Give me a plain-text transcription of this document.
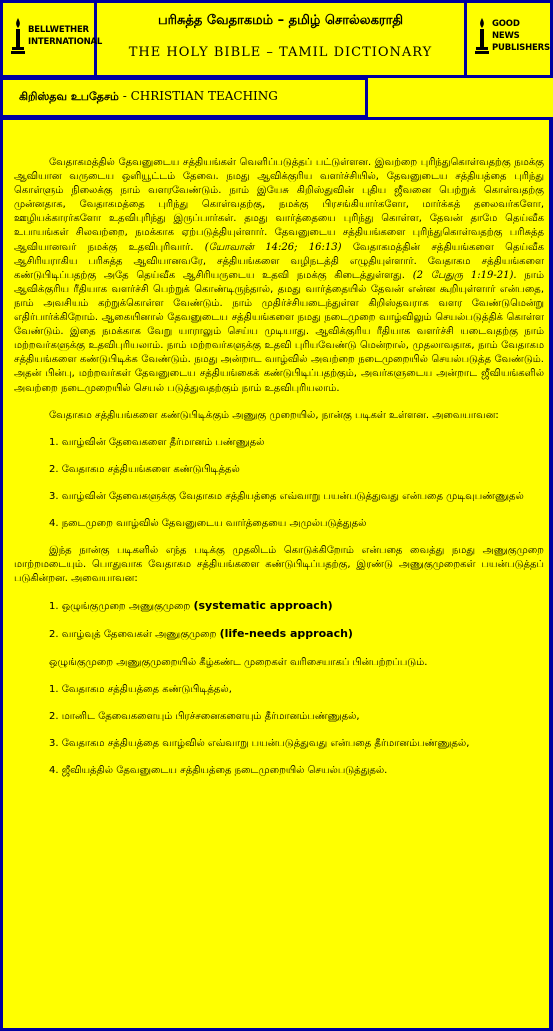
BELLWETHER
INTERNATIONAL
பரிசுத்த வேதாகமம் – தமிழ் சொல்லகராதி
THE HOLY BIBLE – TAMIL DICTIONARY
GOOD NEWS
PUBLISHERS
கிறிஸ்தவ உபதேசம் - CHRISTIAN TEACHING

வேதாகமத்தில் தேவனுடைய சத்தியங்கள் வெளிப்படுத்தப் பட்டுள்ளன. இவற்றை புரிந்துகொள்வதற்கு நமக்கு ஆவியான வருடைய ஒளியூட்டம் தேவை. நமது ஆவிக்குரிய வளர்ச்சியில், தேவனுடைய சத்தியத்தை புரிந்து கொள்ளும் நிலைக்கு நாம் வளரவேண்டும். நாம் இயேசு கிறிஸ்துவின் புதிய ஜீவனை பெற்றுக் கொள்வதற்கு முன்னதாக, வேதாகமத்தை புரிந்து கொள்வதற்கு, நமக்கு பிரசங்கியார்களோ, மார்க்கத் தலைவர்களோ, ஊழியக்காரர்களோ உதவிபுரிந்து இருப்பார்கள். தமது வார்த்தையை புரிந்து கொள்ள, தேவன் தாமே தெய்வீக உபாயங்கள் சிலவற்றை, நமக்காக ஏற்படுத்தியுள்ளார். தேவனுடைய சத்தியங்களை புரிந்துகொள்வதற்கு பரிசுத்த ஆவியானவர் நமக்கு உதவிபுரிவார். (யோவான் 14:26; 16:13) வேதாகமத்தின் சத்தியங்களை தெய்வீக ஆசிரியராகிய பரிசுத்த ஆவியானவரே, சத்தியங்களை வழிநடத்தி எழுதியுள்ளார். வேதாகம சத்தியங்களை கண்டுபிடிப்பதற்கு அதே தெய்வீக ஆசிரியருடைய உதவி நமக்கு கிடைத்துள்ளது. (2 பேதுரு 1:19-21). நாம் ஆவிக்குரிய ரீதியாக வளர்ச்சி பெற்றுக் கொண்டிருந்தால், தமது வார்த்தையில் தேவன் என்ன கூறியுள்ளார் என்பதை, நாம் அவசியம் கற்றுக்கொள்ள வேண்டும். நாம் முதிர்ச்சியடைந்துள்ள கிறிஸ்தவராக வளர வேண்டுமென்று எதிர்பார்க்கிறோம். ஆகையினால் தேவனுடைய சத்தியங்களை நமது நடைமுறை வாழ்விலும் செயல்படுத்திக் கொள்ள வேண்டும். இதை நமக்காக வேறு யாராலும் செய்ய முடியாது. ஆவிக்குரிய ரீதியாக வளர்ச்சி யடைவதற்கு நாம் மற்றவர்களுக்கு உதவிபுரியலாம். நாம் மற்றவர்களுக்கு உதவி புரியவேண்டு மென்றால், முதலாவதாக, நாம் வேதாகம சத்தியங்களை கண்டுபிடிக்க வேண்டும். நமது அன்றாட வாழ்வில் அவற்றை நடைமுறையில் செயல்படுத்த வேண்டும். அதன் பின்பு, மற்றவர்கள் தேவனுடைய சத்தியங்கைக் கண்டுபிடிப்பதற்கும், அவர்களுடைய அன்றாட ஜீவியங்களில் அவற்றை நடைமுறையில் செயல் படுத்துவதற்கும் நாம் உதவிபுரியலாம்.

வேதாகம சத்தியங்களை கண்டுபிடிக்கும் அணுகு முறையில், நான்கு படிகள் உள்ளன. அவையாவன:

1. வாழ்வின் தேவைகளை தீர்மானம் பண்ணுதல்

2. வேதாகம சத்தியங்களை கண்டுபிடித்தல்

3. வாழ்வின் தேவைகளுக்கு வேதாகம சத்தியத்தை எவ்வாறு பயன்படுத்துவது என்பதை முடிவுபண்ணுதல்

4. நடைமுறை வாழ்வில் தேவனுடைய வார்த்தையை அமுல்படுத்துதல்

இந்த நான்கு படிகளில் எந்த படிக்கு முதலிடம் கொடுக்கிறோம் என்பதை வைத்து நமது அணுகுமுறை மாற்றமடையும். பொதுவாக வேதாகம சத்தியங்களை கண்டுபிடிப்பதற்கு, இரண்டு அணுகுமுறைகள் பயன்படுத்தப் படுகின்றன. அவையாவன:

1. ஒழுங்குமுறை அணுகுமுறை (systematic approach)

2. வாழ்வுத் தேவைகள் அணுகுமுறை (life-needs approach)

ஒழுங்குமுறை அணுகுமுறையில் கீழ்கண்ட முறைகள் வரிசையாகப் பின்பற்றப்படும்.

1. வேதாகம சத்தியத்தை கண்டுபிடித்தல்,

2. மானிட தேவைகளையும் பிரச்சனைகளையும் தீர்மானம்பண்ணுதல்,

3. வேதாகம சத்தியத்தை வாழ்வில் எவ்வாறு பயன்படுத்துவது என்பதை தீர்மானம்பண்ணுதல்,

4. ஜீவியத்தில் தேவனுடைய சத்தியத்தை நடைமுறையில் செயல்படுத்துதல்.
